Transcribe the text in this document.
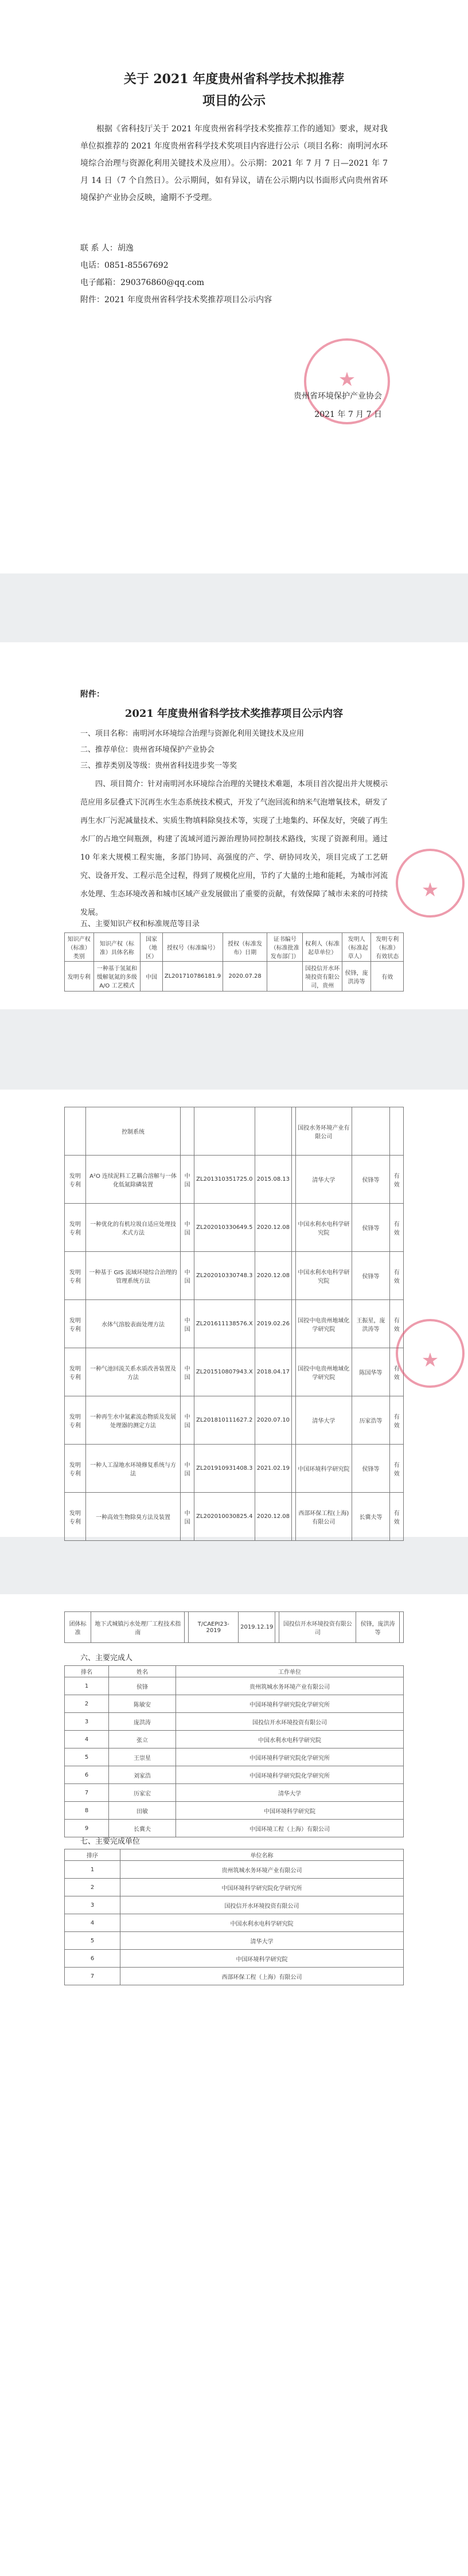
关于 2021 年度贵州省科学技术拟推荐
项目的公示
根据《省科技厅关于 2021 年度贵州省科学技术奖推荐工作的通知》要求，规对我单位拟推荐的 2021 年度贵州省科学技术奖项目内容进行公示（项目名称：南明河水环境综合治理与资源化利用关键技术及应用）。公示期：2021 年 7 月 7 日—2021 年 7 月 14 日（7 个自然日）。公示期间，如有异议，请在公示期内以书面形式向贵州省环境保护产业协会反映，逾期不予受理。
联 系 人：胡逸
电话：0851-85567692
电子邮箱：290376860@qq.com
附件：2021 年度贵州省科学技术奖推荐项目公示内容
★
贵州省环境保护产业协会
2021 年 7 月 7 日
附件：
2021 年度贵州省科学技术奖推荐项目公示内容
一、项目名称：南明河水环境综合治理与资源化利用关键技术及应用
二、推荐单位：贵州省环境保护产业协会
三、推荐类别及等级：贵州省科技进步奖一等奖
四、项目简介：针对南明河水环境综合治理的关键技术难题，本项目首次提出并大规模示范应用多层叠式下沉再生水生态系统技术模式，开发了气泡回流和纳米气泡增氧技术，研发了再生水厂污泥减量技术、实质生物填料除臭技术等，实现了土地集约、环保友好，突破了再生水厂的占地空间瓶颈，构建了流域河道污源治理协同控制技术路线，实现了资源利用。通过 10 年来大规模工程实施，多部门协同、高强度的产、学、研协同攻关，项目完成了工艺研究、设备开发、工程示范全过程，得到了规模化应用，节约了大量的土地和能耗，为城市河流水处理、生态环境改善和城市区域产业发展做出了重要的贡献，有效保障了城市未来的可持续发展。
五、主要知识产权和标准规范等目录
知识产权（标准）类别	知识产权（标准）具体名称	国家（地区）	授权号（标准编号）	授权（标准发布）日期	证书编号（标准批准发布部门）	权利人（标准起草单位）	发明人（标准起草人）	发明专利（标准）有效状态
发明专利	一种基于氢氮和缓解氨氮的多级 A/O 工艺模式	中国	ZL201710786181.9	2020.07.28		国投信开水环境投资有限公司，贵州	侯锋，庞洪涛等	有效
★
	控制系统					国投水务环境产业有限公司		
发明专利	A²O 连续泥料工艺耦合溶解与一体化低氮除磷装置	中国	ZL201310351725.0	2015.08.13		清华大学	侯锋等	有效
发明专利	一种优化的有机垃圾自适应处理技术式方法	中国	ZL202010330649.5	2020.12.08		中国水利水电科学研究院	侯锋等	有效
发明专利	一种基于 GIS 流域环境综合治理的管理系统方法	中国	ZL202010330748.3	2020.12.08		中国水利水电科学研究院	侯锋等	有效
发明专利	水体气溶胶表面处理方法	中国	ZL201611138576.X	2019.02.26		国投中电贵州地域化学研究院	王振星，庞洪涛等	有效
发明专利	一种气池回流关系水质改善装置及方法	中国	ZL201510807943.X	2018.04.17		国投中电贵州地域化学研究院	陈国华等	有效
发明专利	一种再生水中氮素流态物质及发展处理器的测定方法	中国	ZL201810111627.2	2020.07.10		清华大学	历家浩等	有效
发明专利	一种人工湿地水环境修复系统与方法	中国	ZL201910931408.3	2021.02.19		中国环境科学研究院	侯锋等	有效
发明专利	一种高效生物除臭方法及装置	中国	ZL202010030825.4	2020.12.08		西部环保工程(上海)有限公司	长冀夫等	有效
★
团体标准	地下式城镇污水处理厂工程技术指南		T/CAEPI23-2019	2019.12.19		国投信开水环境投资有限公司	侯锋，庞洪涛等	
六、主要完成人
排名	姓名	工作单位
1	侯锋	贵州筑城水务环境产业有限公司
2	陈敏安	中国环境科学研究院化学研究所
3	庞洪涛	国投信开水环境投资有限公司
4	张立	中国水利水电科学研究院
5	王崇星	中国环境科学研究院化学研究所
6	刘家浩	中国环境科学研究院化学研究所
7	历家宏	清华大学
8	田敏	中国环境科学研究院
9	长冀夫	中国环境工程（上海）有限公司
七、主要完成单位
排序	单位名称
1	贵州筑城水务环境产业有限公司
2	中国环境科学研究院化学研究所
3	国投信开水环境投资有限公司
4	中国水利水电科学研究院
5	清华大学
6	中国环境科学研究院
7	西部环保工程（上海）有限公司
